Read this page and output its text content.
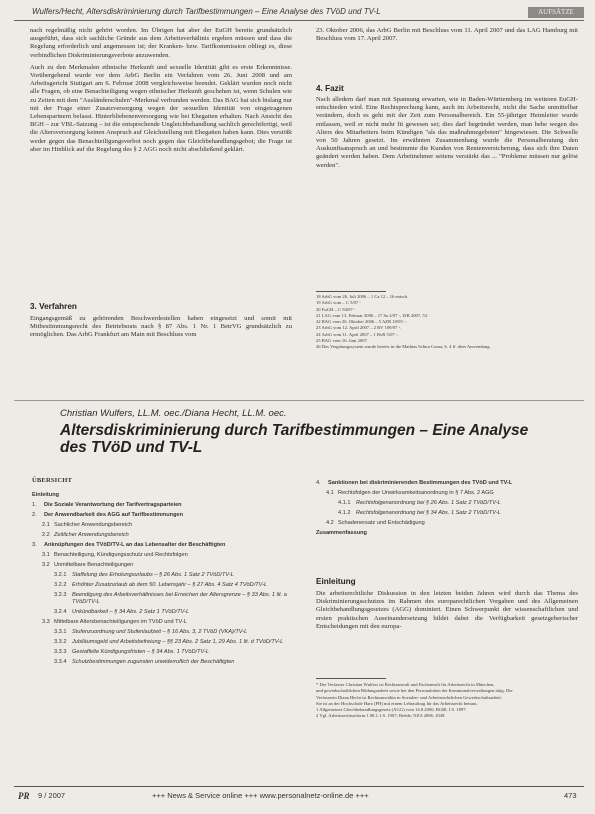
Wulfers/Hecht, Altersdiskriminierung durch Tarifbestimmungen – Eine Analyse des TVöD und TV-L	AUFSÄTZE

nach regelmäßig nicht gehört worden. Im Übrigen hat aber der EuGH bereits grundsätzlich ausgeführt, dass sich sachliche Gründe aus dem Arbeitsverhältnis ergeben müssen und dass die Regelung erforderlich und angemessen ist; der Kranken- bzw. Tarifkommission obliegt es, diese verbindlichen Diskriminierungsverbote anzuwenden.

Auch zu den Merkmalen ethnische Herkunft und sexuelle Identität gibt es erste Erkenntnisse. Vorübergehend wurde vor dem ArbG Berlin ein Verfahren vom 26. Juni 2008 und am Arbeitsgericht Stuttgart am 6. Februar 2008 vergleichsweise beendet. Geklärt wurden noch nicht alle Fragen, ob eine Benachteiligung wegen ethnischer Herkunft geschehen ist, wenn Schulen wie zu Zeiten mit dem "Ausländerschulen"-Merkmal verbunden werden. Das BAG hat sich bislang nur mit der Frage einer Zusatzversorgung wegen der sexuellen Identität von eingetragenen Lebenspartnern befasst. Hinterbliebenenversorgung wie bei Ehegatten erhalten. Nach Ansicht des BGH – zur VBL-Satzung – ist die entsprechende Ungleichbehandlung sachlich gerechtfertigt, weil die Altersversorgung keinen Anspruch auf Gleichstellung mit Ehegatten haben kann. Dies verstößt weder gegen das Benachteiligungsverbot noch gegen das Gleichbehandlungsgebot; die Frage ist aber im Hinblick auf die Regelung des § 2 AGG noch nicht abschließend geklärt.

3. Verfahren

Eingangsgemäß zu gehörenden Beschwerdestellen haben eingesetzt und somit mit Mitbestimmungsrecht des Betriebsrats nach § 87 Abs. 1 Nr. 1 BetrVG grundsätzlich zu ermöglichen. Das ArbG Frankfurt am Main mit Beschluss vom

23. Oktober 2006, das ArbG Berlin mit Beschluss vom 11. April 2007 und das LAG Hamburg mit Beschluss vom 17. April 2007.

4. Fazit

Nach alledem darf man mit Spannung erwarten, wie in Baden-Württemberg im weiteren EuGH-entschieden wird. Eine Rechtsprechung kann, auch im Arbeitsrecht, nicht die Sache unmittelbar verändern, doch es geht mit der Zeit zum Personalbereich. Ein 55-jähriger Heimleiter wurde entlassen, weil er nicht mehr fit gewesen sei; dies darf begründet werden, man hebe wegen des Alters des Mitarbeiters beim Kündigen "als das maßnahmegeboten" hingewiesen. Die Schwelle von 50 Jahren gesetzt. Im erwähnten Zusammenhang wurde die Personalberatung den Auskunftsanspruch an und bestimmte die Kunden von Rentenversicherung, dass sich ihre Daten geändert werden haben. Dem Arbeitnehmer seitens verstärkt das ... "Probleme müssen nur gelöst werden".

18 ArbG vom 26. Juli 2006 – 1 Ca 12 – 16 entsch.
19 ArbG vom – C 5/07 -
20 EuGH – C 94/07 -
21 LAG vom 13. Februar 2006 – 17 Sa 2/07 -, ZfR 2007, 53.
22 BAG vom 26. Oktober 2006 – 5 AZR 10/05 -.
23 ArbG vom 12. April 2007 – 2 BV 109/07 -.
24 ArbG vom 11. April 2007 – 1 BvR 5/07 -.
25 BAG vom 16. Juni 2007.
26 Das Vergütungssystem wurde bereits in die Mathias Schira Coma, S. 4 ff. über Anwendung.
Christian Wulfers, LL.M. oec./Diana Hecht, LL.M. oec.
Altersdiskriminierung durch Tarifbestimmungen – Eine Analyse des TVöD und TV-L
ÜBERSICHT
Einleitung
1.	Die Soziale Verantwortung der Tarifvertragsparteien
2.	Der Anwendbarkeit des AGG auf Tarifbestimmungen
2.1 Sachlicher Anwendungsbereich
2.2 Zeitlicher Anwendungsbereich
3.	Anknüpfungen des TVöD/TV-L an das Lebensalter der Beschäftigten
3.1 Benachteiligung, Kündigungsschutz und Rechtsfolgen
3.2 Unmittelbare Benachteiligungen
3.2.1 Staffelung des Erholungsurlaubs – § 26 Abs. 1 Satz 2 TVöD/TV-L
3.2.2 Erhöhter Zusatzurlaub ab dem 50. Lebensjahr – § 27 Abs. 4 Satz 4 TVöD/TV-L
3.2.3 Beendigung des Arbeitsverhältnisses bei Erreichen der Altersgrenze – § 33 Abs. 1 lit. a TVöD/TV-L
3.2.4 Unkündbarkeit – § 34 Abs. 2 Satz 1 TVöD/TV-L
3.3 Mittelbare Altersbenachteiligungen im TVöD und TV-L
3.3.1 Stufenzuordnung und Stufenlaufzeit – § 16 Abs. 3, 2 TVöD (VKA)/TV-L
3.3.2 Jubiläumsgeld und Arbeitsbefreiung – §§ 23 Abs. 2 Satz 1, 29 Abs. 1 lit. d TVöD/TV-L
3.3.3 Gestaffelte Kündigungsfristen – § 34 Abs. 1 TVöD/TV-L
3.3.4 Schutzbestimmungen zugunsten unwiderruflich der Beschäftigten
4.	Sanktionen bei diskriminierenden Bestimmungen des TVöD und TV-L
4.1 Rechtsfolgen der Unwirksamkeitsanordnung in § 7 Abs. 2 AGG
4.1.1 Rechtsfolgenanordnung bei § 26 Abs. 1 Satz 2 TVöD/TV-L
4.1.2 Rechtsfolgenanordnung bei § 34 Abs. 1 Satz 2 TVöD/TV-L
4.2 Schadenersatz und Entschädigung
Zusammenfassung
Einleitung

Die arbeitsrechtliche Diskussion in den letzten beiden Jahren wird durch das Thema des Diskriminierungsschutzes im Rahmen des europarechtlichen Vorgaben und des Allgemeinen Gleichbehandlungsgesetzes (AGG) dominiert. Einen Schwerpunkt der wissenschaftlichen und ersten praktischen Auseinandersetzung bildet dabei die Verfügbarkeit gesetzgeberischer Entscheidungen mit den europa-

* Der Verfasser Christian Wulfers ist Rechtsanwalt und Fachanwalt für Arbeitsrecht in München,
und gewerkschaftlichen Bildungsarbeit sowie bei den Personalräten der Kommunalverwaltungen tätig. Die
Verfasserin Diana Hecht ist Rechtsanwältin in Sozialen- und Arbeitsrechtlichen Gewerkschaftsarbeit.
Sie ist an der Hochschule Harz (FH) mit einem Lehrauftrag für das Arbeitsrecht betraut.
1 Allgemeines Gleichbehandlungsgesetz (AGG) vom 14.8.2006, BGBl. I S. 1897.
2 Vgl. Arbeitsrechtsreform 1.08.1.1 S. 1907; Rieble, NZA 2006, 1049.
PR 9 / 2007	+++ News & Service online +++ www.personalnetz-online.de +++	473
